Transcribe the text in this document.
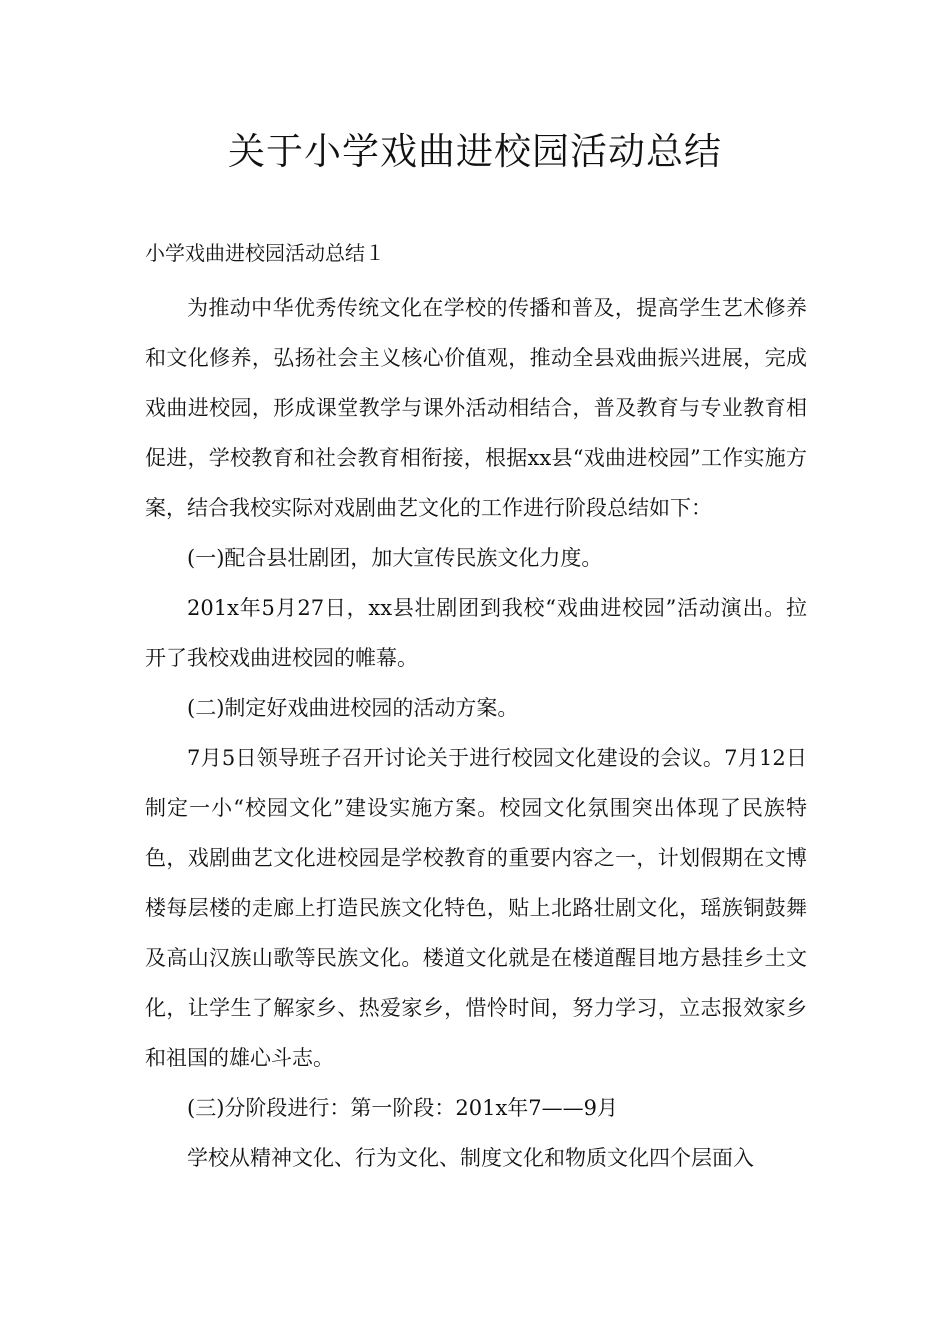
关于小学戏曲进校园活动总结
小学戏曲进校园活动总结１

为推动中华优秀传统文化在学校的传播和普及，提高学生艺术修养和文化修养，弘扬社会主义核心价值观，推动全县戏曲振兴进展，完成戏曲进校园，形成课堂教学与课外活动相结合，普及教育与专业教育相促进，学校教育和社会教育相衔接，根据xx县“戏曲进校园”工作实施方案，结合我校实际对戏剧曲艺文化的工作进行阶段总结如下：

(一)配合县壮剧团，加大宣传民族文化力度。

201x年5月27日，xx县壮剧团到我校“戏曲进校园”活动演出。拉开了我校戏曲进校园的帷幕。

(二)制定好戏曲进校园的活动方案。

7月5日领导班子召开讨论关于进行校园文化建设的会议。7月12日制定一小“校园文化”建设实施方案。校园文化氛围突出体现了民族特色，戏剧曲艺文化进校园是学校教育的重要内容之一，计划假期在文博楼每层楼的走廊上打造民族文化特色，贴上北路壮剧文化，瑶族铜鼓舞及高山汉族山歌等民族文化。楼道文化就是在楼道醒目地方悬挂乡土文化，让学生了解家乡、热爱家乡，惜怜时间，努力学习，立志报效家乡和祖国的雄心斗志。

(三)分阶段进行：第一阶段：201x年7——9月

学校从精神文化、行为文化、制度文化和物质文化四个层面入
